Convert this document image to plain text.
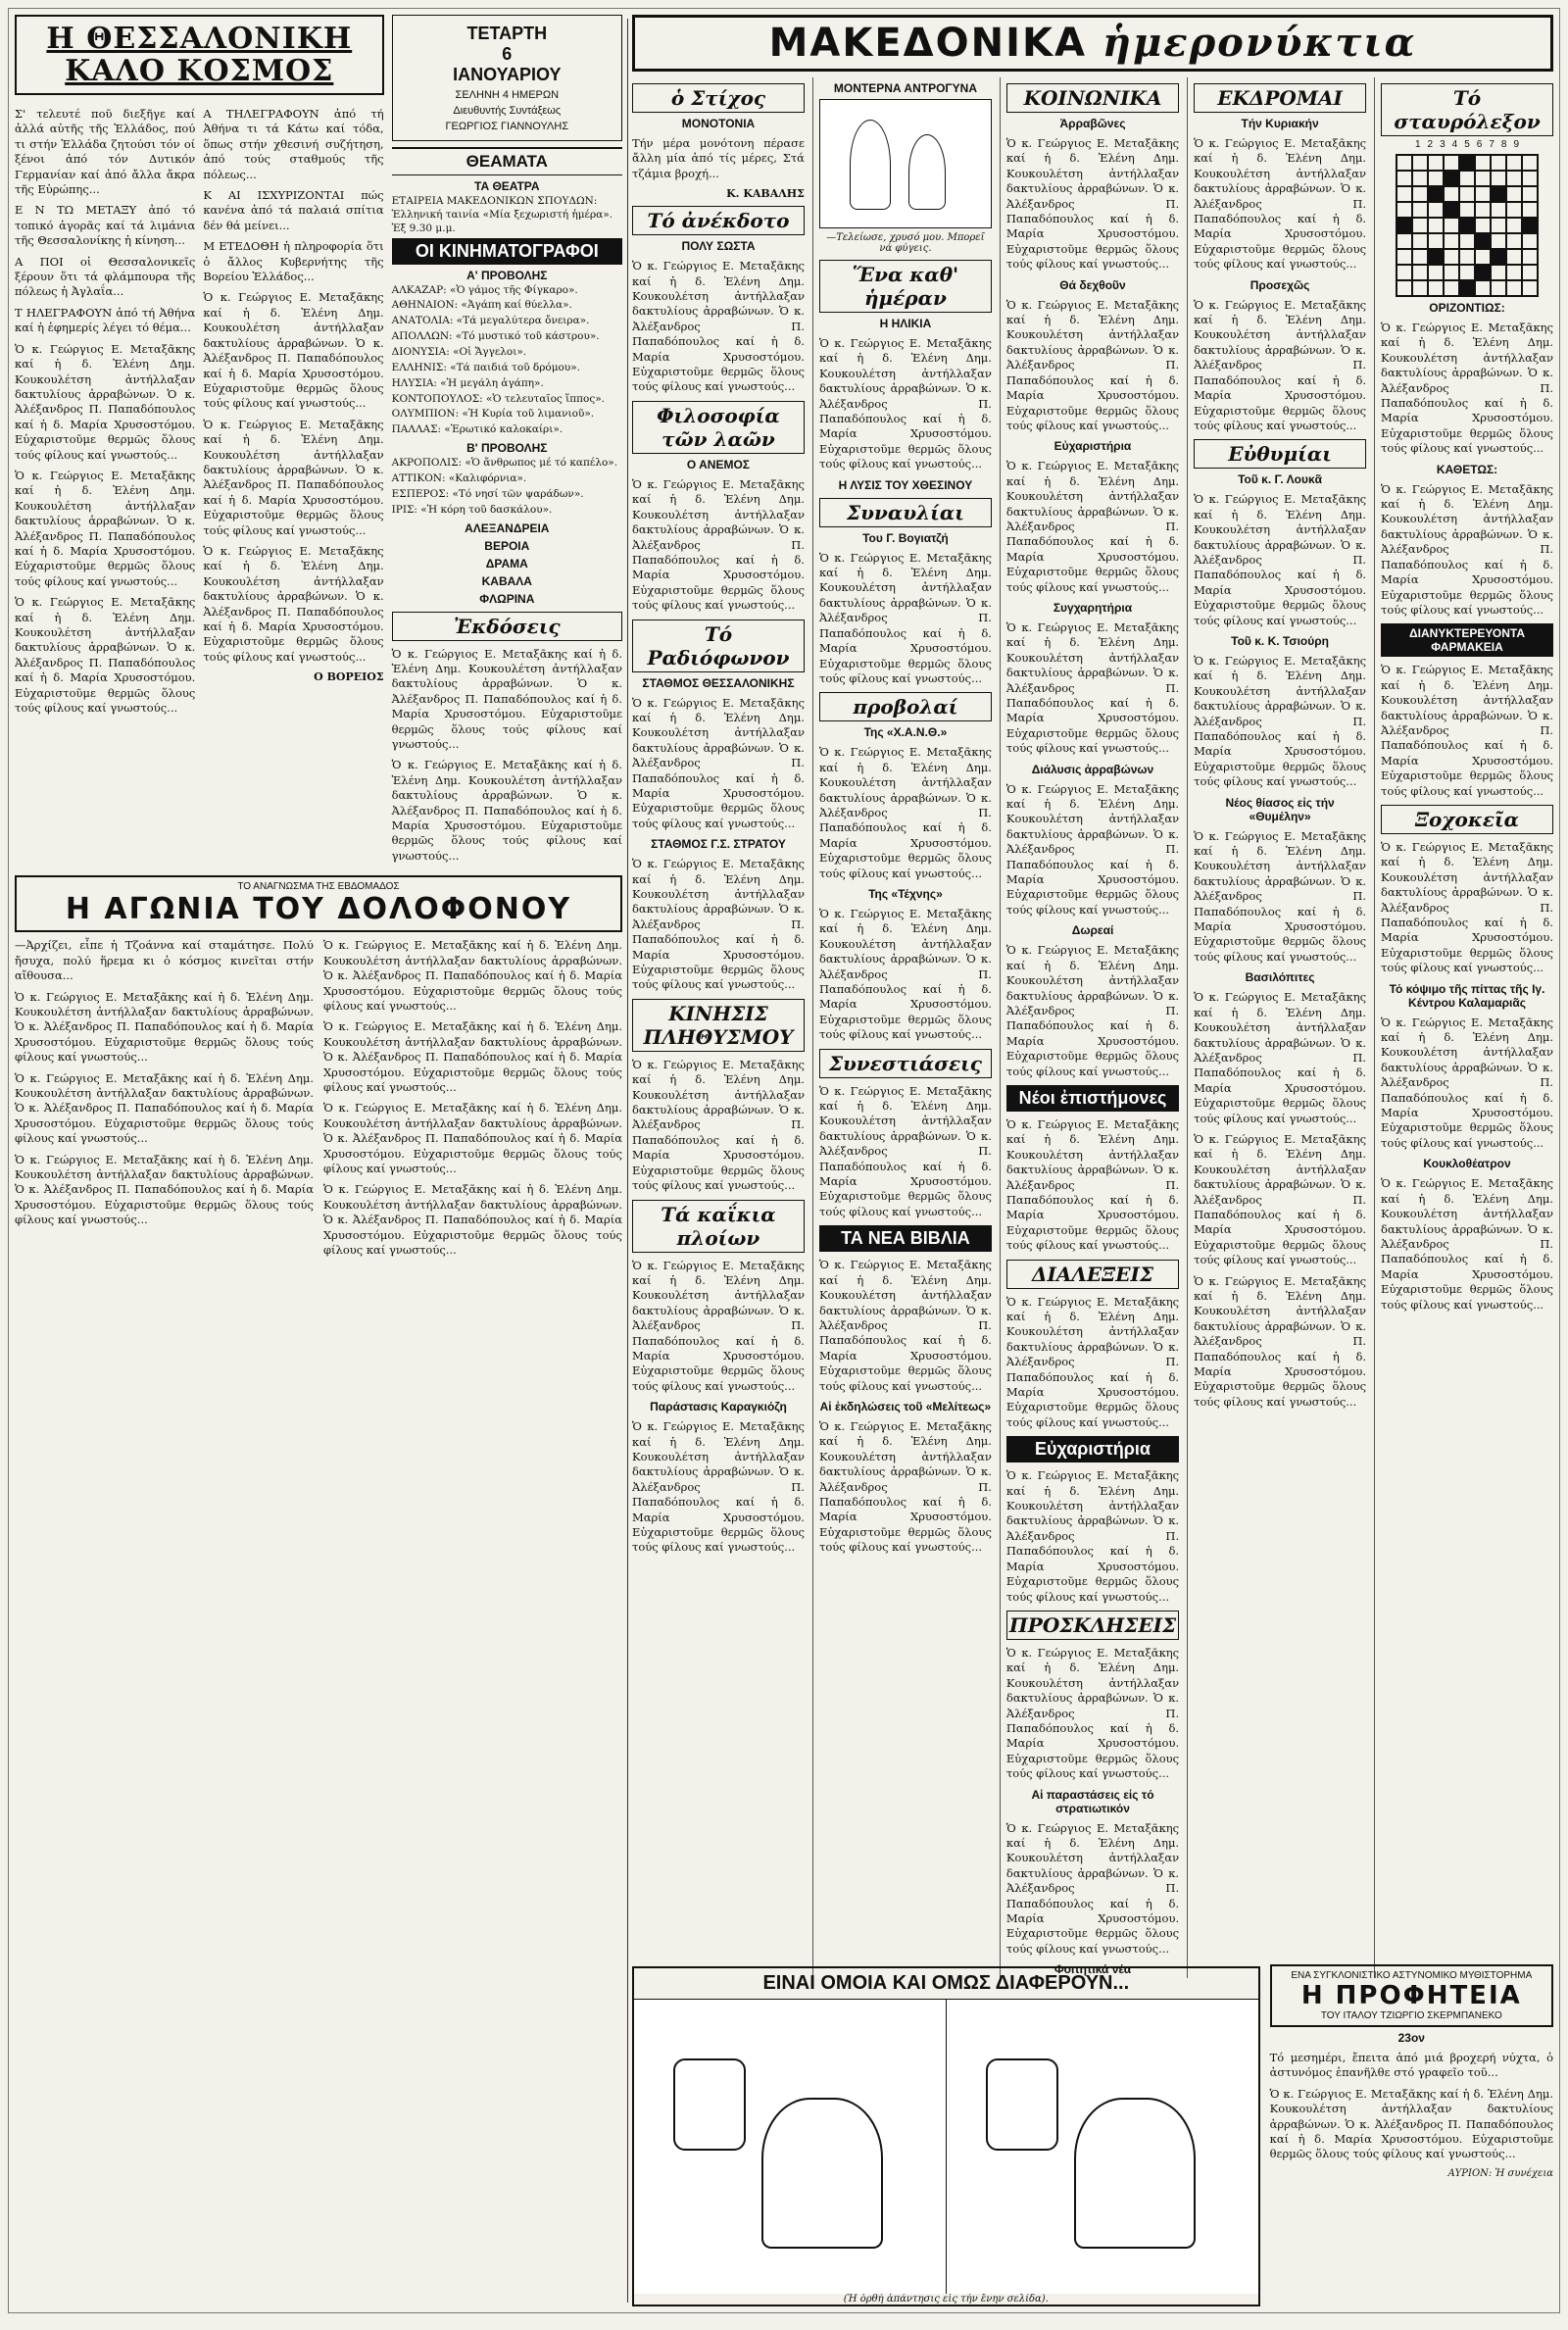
Η ΘΕΣΣΑΛΟΝΙΚΗ ΚΑΛΟ ΚΟΣΜΟΣ

Σ' τελευτέ ποῦ διεξῆγε καί ἀλλά αὐτῆς τῆς Ἑλλάδος, πού τι στήν Ἑλλάδα ζητούσι τόν οί ξένοι ἀπό τόν Δυτικόν Γερμανίαν καί ἀπό ἄλλα ἄκρα τῆς Εὐρώπης...

Ε Ν ΤΩ ΜΕΤΑΞΥ ἀπό τό τοπικό ἀγορᾶς καί τά λιμάνια τῆς Θεσσαλονίκης ἡ κίνηση...

Α ΠΟΙ οἱ Θεσσαλονικεῖς ξέρουν ὅτι τά φλάμπουρα τῆς πόλεως ἡ Ἀγλαΐα...

Τ ΗΛΕΓΡΑΦΟΥΝ ἀπό τή Ἀθήνα καί ἡ ἐφημερίς λέγει τό θέμα...

Ὁ κ. Γεώργιος Ε. Μεταξᾶκης καί ἡ δ. Ἑλένη Δημ. Κουκουλέτση ἀντήλλαξαν δακτυλίους ἀρραβώνων. Ὁ κ. Ἀλέξανδρος Π. Παπαδόπουλος καί ἡ δ. Μαρία Χρυσοστόμου. Εὐχαριστοῦμε θερμῶς ὅλους τούς φίλους καί γνωστούς...

Ὁ κ. Γεώργιος Ε. Μεταξᾶκης καί ἡ δ. Ἑλένη Δημ. Κουκουλέτση ἀντήλλαξαν δακτυλίους ἀρραβώνων. Ὁ κ. Ἀλέξανδρος Π. Παπαδόπουλος καί ἡ δ. Μαρία Χρυσοστόμου. Εὐχαριστοῦμε θερμῶς ὅλους τούς φίλους καί γνωστούς...

Ὁ κ. Γεώργιος Ε. Μεταξᾶκης καί ἡ δ. Ἑλένη Δημ. Κουκουλέτση ἀντήλλαξαν δακτυλίους ἀρραβώνων. Ὁ κ. Ἀλέξανδρος Π. Παπαδόπουλος καί ἡ δ. Μαρία Χρυσοστόμου. Εὐχαριστοῦμε θερμῶς ὅλους τούς φίλους καί γνωστούς...

Α ΤΗΛΕΓΡΑΦΟΥΝ ἀπό τή Ἀθήνα τι τά Κάτω καί τόδα, ὅπως στήν χθεσινή συζήτηση, ἀπό τούς σταθμούς τῆς πόλεως...

Κ ΑΙ ΙΣΧΥΡΙΖΟΝΤΑΙ πώς κανένα ἀπό τά παλαιά σπίτια δέν θά μείνει...

Μ ΕΤΕΔΟΘΗ ἡ πληροφορία ὅτι ὁ ἄλλος Κυβερνήτης τῆς Βορείου Ἑλλάδος...

Ὁ κ. Γεώργιος Ε. Μεταξᾶκης καί ἡ δ. Ἑλένη Δημ. Κουκουλέτση ἀντήλλαξαν δακτυλίους ἀρραβώνων. Ὁ κ. Ἀλέξανδρος Π. Παπαδόπουλος καί ἡ δ. Μαρία Χρυσοστόμου. Εὐχαριστοῦμε θερμῶς ὅλους τούς φίλους καί γνωστούς...

Ὁ κ. Γεώργιος Ε. Μεταξᾶκης καί ἡ δ. Ἑλένη Δημ. Κουκουλέτση ἀντήλλαξαν δακτυλίους ἀρραβώνων. Ὁ κ. Ἀλέξανδρος Π. Παπαδόπουλος καί ἡ δ. Μαρία Χρυσοστόμου. Εὐχαριστοῦμε θερμῶς ὅλους τούς φίλους καί γνωστούς...

Ὁ κ. Γεώργιος Ε. Μεταξᾶκης καί ἡ δ. Ἑλένη Δημ. Κουκουλέτση ἀντήλλαξαν δακτυλίους ἀρραβώνων. Ὁ κ. Ἀλέξανδρος Π. Παπαδόπουλος καί ἡ δ. Μαρία Χρυσοστόμου. Εὐχαριστοῦμε θερμῶς ὅλους τούς φίλους καί γνωστούς...

Ο ΒΟΡΕΙΟΣ
ΤΕΤΑΡΤΗ
6
ΙΑΝΟΥΑΡΙΟΥ
ΣΕΛΗΝΗ 4 ΗΜΕΡΩΝ
Διευθυντής Συντάξεως
ΓΕΩΡΓΙΟΣ ΓΙΑΝΝΟΥΛΗΣ
ΘΕΑΜΑΤΑ
ΤΑ ΘΕΑΤΡΑ

ΕΤΑΙΡΕΙΑ ΜΑΚΕΔΟΝΙΚΩΝ ΣΠΟΥΔΩΝ: Ἑλληνική ταινία «Μία ξεχωριστή ἡμέρα». Ἐξ 9.30 μ.μ.

ΟΙ ΚΙΝΗΜΑΤΟΓΡΑΦΟΙ
Α' ΠΡΟΒΟΛΗΣ

ΑΛΚΑΖΑΡ: «Ὁ γάμος τῆς Φίγκαρο».

ΑΘΗΝΑΙΟΝ: «Ἀγάπη καί θύελλα».

ΑΝΑΤΟΛΙΑ: «Τά μεγαλύτερα ὄνειρα».

ΑΠΟΛΛΩΝ: «Τό μυστικό τοῦ κάστρου».

ΔΙΟΝΥΣΙΑ: «Οἱ Ἄγγελοι».

ΕΛΛΗΝΙΣ: «Τά παιδιά τοῦ δρόμου».

ΗΛΥΣΙΑ: «Ἡ μεγάλη ἀγάπη».

ΚΟΝΤΟΠΟΥΛΟΣ: «Ὁ τελευταῖος ἵππος».

ΟΛΥΜΠΙΟΝ: «Ἡ Κυρία τοῦ λιμανιοῦ».

ΠΑΛΛΑΣ: «Ἐρωτικό καλοκαίρι».

Β' ΠΡΟΒΟΛΗΣ

ΑΚΡΟΠΟΛΙΣ: «Ὁ ἄνθρωπος μέ τό καπέλο».

ΑΤΤΙΚΟΝ: «Καλιφόρνια».

ΕΣΠΕΡΟΣ: «Τό νησί τῶν ψαράδων».

ΙΡΙΣ: «Ἡ κόρη τοῦ δασκάλου».

ΑΛΕΞΑΝΔΡΕΙΑ
ΒΕΡΟΙΑ
ΔΡΑΜΑ
ΚΑΒΑΛΑ
ΦΛΩΡΙΝΑ
Ἐκδόσεις

Ὁ κ. Γεώργιος Ε. Μεταξᾶκης καί ἡ δ. Ἑλένη Δημ. Κουκουλέτση ἀντήλλαξαν δακτυλίους ἀρραβώνων. Ὁ κ. Ἀλέξανδρος Π. Παπαδόπουλος καί ἡ δ. Μαρία Χρυσοστόμου. Εὐχαριστοῦμε θερμῶς ὅλους τούς φίλους καί γνωστούς...

Ὁ κ. Γεώργιος Ε. Μεταξᾶκης καί ἡ δ. Ἑλένη Δημ. Κουκουλέτση ἀντήλλαξαν δακτυλίους ἀρραβώνων. Ὁ κ. Ἀλέξανδρος Π. Παπαδόπουλος καί ἡ δ. Μαρία Χρυσοστόμου. Εὐχαριστοῦμε θερμῶς ὅλους τούς φίλους καί γνωστούς...

ΤΟ ΑΝΑΓΝΩΣΜΑ ΤΗΣ ΕΒΔΟΜΑΔΟΣ
Η ΑΓΩΝΙΑ ΤΟΥ ΔΟΛΟΦΟΝΟΥ

—Ἀρχίζει, εἶπε ἡ Τζοάννα καί σταμάτησε. Πολύ ἤσυχα, πολύ ἥρεμα κι ὁ κόσμος κινεῖται στήν αἴθουσα...

Ὁ κ. Γεώργιος Ε. Μεταξᾶκης καί ἡ δ. Ἑλένη Δημ. Κουκουλέτση ἀντήλλαξαν δακτυλίους ἀρραβώνων. Ὁ κ. Ἀλέξανδρος Π. Παπαδόπουλος καί ἡ δ. Μαρία Χρυσοστόμου. Εὐχαριστοῦμε θερμῶς ὅλους τούς φίλους καί γνωστούς...

Ὁ κ. Γεώργιος Ε. Μεταξᾶκης καί ἡ δ. Ἑλένη Δημ. Κουκουλέτση ἀντήλλαξαν δακτυλίους ἀρραβώνων. Ὁ κ. Ἀλέξανδρος Π. Παπαδόπουλος καί ἡ δ. Μαρία Χρυσοστόμου. Εὐχαριστοῦμε θερμῶς ὅλους τούς φίλους καί γνωστούς...

Ὁ κ. Γεώργιος Ε. Μεταξᾶκης καί ἡ δ. Ἑλένη Δημ. Κουκουλέτση ἀντήλλαξαν δακτυλίους ἀρραβώνων. Ὁ κ. Ἀλέξανδρος Π. Παπαδόπουλος καί ἡ δ. Μαρία Χρυσοστόμου. Εὐχαριστοῦμε θερμῶς ὅλους τούς φίλους καί γνωστούς...

Ὁ κ. Γεώργιος Ε. Μεταξᾶκης καί ἡ δ. Ἑλένη Δημ. Κουκουλέτση ἀντήλλαξαν δακτυλίους ἀρραβώνων. Ὁ κ. Ἀλέξανδρος Π. Παπαδόπουλος καί ἡ δ. Μαρία Χρυσοστόμου. Εὐχαριστοῦμε θερμῶς ὅλους τούς φίλους καί γνωστούς...

Ὁ κ. Γεώργιος Ε. Μεταξᾶκης καί ἡ δ. Ἑλένη Δημ. Κουκουλέτση ἀντήλλαξαν δακτυλίους ἀρραβώνων. Ὁ κ. Ἀλέξανδρος Π. Παπαδόπουλος καί ἡ δ. Μαρία Χρυσοστόμου. Εὐχαριστοῦμε θερμῶς ὅλους τούς φίλους καί γνωστούς...

Ὁ κ. Γεώργιος Ε. Μεταξᾶκης καί ἡ δ. Ἑλένη Δημ. Κουκουλέτση ἀντήλλαξαν δακτυλίους ἀρραβώνων. Ὁ κ. Ἀλέξανδρος Π. Παπαδόπουλος καί ἡ δ. Μαρία Χρυσοστόμου. Εὐχαριστοῦμε θερμῶς ὅλους τούς φίλους καί γνωστούς...

Ὁ κ. Γεώργιος Ε. Μεταξᾶκης καί ἡ δ. Ἑλένη Δημ. Κουκουλέτση ἀντήλλαξαν δακτυλίους ἀρραβώνων. Ὁ κ. Ἀλέξανδρος Π. Παπαδόπουλος καί ἡ δ. Μαρία Χρυσοστόμου. Εὐχαριστοῦμε θερμῶς ὅλους τούς φίλους καί γνωστούς...

ΜΑΚΕΔΟΝΙΚΑ ἡμερονύκτια
ὁ Στίχος
ΜΟΝΟΤΟΝΙΑ

Τήν μέρα μονότονη πέρασε ἄλλη μία ἀπό τίς μέρες, Στά τζάμια βροχή...

Κ. ΚΑΒΑΛΗΣ
Τό ἀνέκδοτο
ΠΟΛΥ ΣΩΣΤΑ

Ὁ κ. Γεώργιος Ε. Μεταξᾶκης καί ἡ δ. Ἑλένη Δημ. Κουκουλέτση ἀντήλλαξαν δακτυλίους ἀρραβώνων. Ὁ κ. Ἀλέξανδρος Π. Παπαδόπουλος καί ἡ δ. Μαρία Χρυσοστόμου. Εὐχαριστοῦμε θερμῶς ὅλους τούς φίλους καί γνωστούς...

Φιλοσοφία τῶν λαῶν
Ο ΑΝΕΜΟΣ

Ὁ κ. Γεώργιος Ε. Μεταξᾶκης καί ἡ δ. Ἑλένη Δημ. Κουκουλέτση ἀντήλλαξαν δακτυλίους ἀρραβώνων. Ὁ κ. Ἀλέξανδρος Π. Παπαδόπουλος καί ἡ δ. Μαρία Χρυσοστόμου. Εὐχαριστοῦμε θερμῶς ὅλους τούς φίλους καί γνωστούς...

Τό Ραδιόφωνον
ΣΤΑΘΜΟΣ ΘΕΣΣΑΛΟΝΙΚΗΣ

Ὁ κ. Γεώργιος Ε. Μεταξᾶκης καί ἡ δ. Ἑλένη Δημ. Κουκουλέτση ἀντήλλαξαν δακτυλίους ἀρραβώνων. Ὁ κ. Ἀλέξανδρος Π. Παπαδόπουλος καί ἡ δ. Μαρία Χρυσοστόμου. Εὐχαριστοῦμε θερμῶς ὅλους τούς φίλους καί γνωστούς...

ΣΤΑΘΜΟΣ Γ.Σ. ΣΤΡΑΤΟΥ

Ὁ κ. Γεώργιος Ε. Μεταξᾶκης καί ἡ δ. Ἑλένη Δημ. Κουκουλέτση ἀντήλλαξαν δακτυλίους ἀρραβώνων. Ὁ κ. Ἀλέξανδρος Π. Παπαδόπουλος καί ἡ δ. Μαρία Χρυσοστόμου. Εὐχαριστοῦμε θερμῶς ὅλους τούς φίλους καί γνωστούς...

ΚΙΝΗΣΙΣ ΠΛΗΘΥΣΜΟΥ

Ὁ κ. Γεώργιος Ε. Μεταξᾶκης καί ἡ δ. Ἑλένη Δημ. Κουκουλέτση ἀντήλλαξαν δακτυλίους ἀρραβώνων. Ὁ κ. Ἀλέξανδρος Π. Παπαδόπουλος καί ἡ δ. Μαρία Χρυσοστόμου. Εὐχαριστοῦμε θερμῶς ὅλους τούς φίλους καί γνωστούς...

Τά καΐκια πλοίων

Ὁ κ. Γεώργιος Ε. Μεταξᾶκης καί ἡ δ. Ἑλένη Δημ. Κουκουλέτση ἀντήλλαξαν δακτυλίους ἀρραβώνων. Ὁ κ. Ἀλέξανδρος Π. Παπαδόπουλος καί ἡ δ. Μαρία Χρυσοστόμου. Εὐχαριστοῦμε θερμῶς ὅλους τούς φίλους καί γνωστούς...

Παράστασις Καραγκιόζη

Ὁ κ. Γεώργιος Ε. Μεταξᾶκης καί ἡ δ. Ἑλένη Δημ. Κουκουλέτση ἀντήλλαξαν δακτυλίους ἀρραβώνων. Ὁ κ. Ἀλέξανδρος Π. Παπαδόπουλος καί ἡ δ. Μαρία Χρυσοστόμου. Εὐχαριστοῦμε θερμῶς ὅλους τούς φίλους καί γνωστούς...

ΜΟΝΤΕΡΝΑ ΑΝΤΡΟΓΥΝΑ
—Τελείωσε, χρυσό μου. Μπορεῖ νά φύγεις.
Ἕνα καθ' ἡμέραν
Η ΗΛΙΚΙΑ

Ὁ κ. Γεώργιος Ε. Μεταξᾶκης καί ἡ δ. Ἑλένη Δημ. Κουκουλέτση ἀντήλλαξαν δακτυλίους ἀρραβώνων. Ὁ κ. Ἀλέξανδρος Π. Παπαδόπουλος καί ἡ δ. Μαρία Χρυσοστόμου. Εὐχαριστοῦμε θερμῶς ὅλους τούς φίλους καί γνωστούς...

Η ΛΥΣΙΣ ΤΟΥ ΧΘΕΣΙΝΟΥ
Συναυλίαι
Του Γ. Βογιατζή

Ὁ κ. Γεώργιος Ε. Μεταξᾶκης καί ἡ δ. Ἑλένη Δημ. Κουκουλέτση ἀντήλλαξαν δακτυλίους ἀρραβώνων. Ὁ κ. Ἀλέξανδρος Π. Παπαδόπουλος καί ἡ δ. Μαρία Χρυσοστόμου. Εὐχαριστοῦμε θερμῶς ὅλους τούς φίλους καί γνωστούς...

προβολαί
Της «Χ.Α.Ν.Θ.»

Ὁ κ. Γεώργιος Ε. Μεταξᾶκης καί ἡ δ. Ἑλένη Δημ. Κουκουλέτση ἀντήλλαξαν δακτυλίους ἀρραβώνων. Ὁ κ. Ἀλέξανδρος Π. Παπαδόπουλος καί ἡ δ. Μαρία Χρυσοστόμου. Εὐχαριστοῦμε θερμῶς ὅλους τούς φίλους καί γνωστούς...

Της «Τέχνης»

Ὁ κ. Γεώργιος Ε. Μεταξᾶκης καί ἡ δ. Ἑλένη Δημ. Κουκουλέτση ἀντήλλαξαν δακτυλίους ἀρραβώνων. Ὁ κ. Ἀλέξανδρος Π. Παπαδόπουλος καί ἡ δ. Μαρία Χρυσοστόμου. Εὐχαριστοῦμε θερμῶς ὅλους τούς φίλους καί γνωστούς...

Συνεστιάσεις

Ὁ κ. Γεώργιος Ε. Μεταξᾶκης καί ἡ δ. Ἑλένη Δημ. Κουκουλέτση ἀντήλλαξαν δακτυλίους ἀρραβώνων. Ὁ κ. Ἀλέξανδρος Π. Παπαδόπουλος καί ἡ δ. Μαρία Χρυσοστόμου. Εὐχαριστοῦμε θερμῶς ὅλους τούς φίλους καί γνωστούς...

ΤΑ ΝΕΑ ΒΙΒΛΙΑ

Ὁ κ. Γεώργιος Ε. Μεταξᾶκης καί ἡ δ. Ἑλένη Δημ. Κουκουλέτση ἀντήλλαξαν δακτυλίους ἀρραβώνων. Ὁ κ. Ἀλέξανδρος Π. Παπαδόπουλος καί ἡ δ. Μαρία Χρυσοστόμου. Εὐχαριστοῦμε θερμῶς ὅλους τούς φίλους καί γνωστούς...

Αἱ ἐκδηλώσεις τοῦ «Μελίτεως»

Ὁ κ. Γεώργιος Ε. Μεταξᾶκης καί ἡ δ. Ἑλένη Δημ. Κουκουλέτση ἀντήλλαξαν δακτυλίους ἀρραβώνων. Ὁ κ. Ἀλέξανδρος Π. Παπαδόπουλος καί ἡ δ. Μαρία Χρυσοστόμου. Εὐχαριστοῦμε θερμῶς ὅλους τούς φίλους καί γνωστούς...

ΚΟΙΝΩΝΙΚΑ
Ἀρραβῶνες

Ὁ κ. Γεώργιος Ε. Μεταξᾶκης καί ἡ δ. Ἑλένη Δημ. Κουκουλέτση ἀντήλλαξαν δακτυλίους ἀρραβώνων. Ὁ κ. Ἀλέξανδρος Π. Παπαδόπουλος καί ἡ δ. Μαρία Χρυσοστόμου. Εὐχαριστοῦμε θερμῶς ὅλους τούς φίλους καί γνωστούς...

Θά δεχθοῦν

Ὁ κ. Γεώργιος Ε. Μεταξᾶκης καί ἡ δ. Ἑλένη Δημ. Κουκουλέτση ἀντήλλαξαν δακτυλίους ἀρραβώνων. Ὁ κ. Ἀλέξανδρος Π. Παπαδόπουλος καί ἡ δ. Μαρία Χρυσοστόμου. Εὐχαριστοῦμε θερμῶς ὅλους τούς φίλους καί γνωστούς...

Εὐχαριστήρια

Ὁ κ. Γεώργιος Ε. Μεταξᾶκης καί ἡ δ. Ἑλένη Δημ. Κουκουλέτση ἀντήλλαξαν δακτυλίους ἀρραβώνων. Ὁ κ. Ἀλέξανδρος Π. Παπαδόπουλος καί ἡ δ. Μαρία Χρυσοστόμου. Εὐχαριστοῦμε θερμῶς ὅλους τούς φίλους καί γνωστούς...

Συγχαρητήρια

Ὁ κ. Γεώργιος Ε. Μεταξᾶκης καί ἡ δ. Ἑλένη Δημ. Κουκουλέτση ἀντήλλαξαν δακτυλίους ἀρραβώνων. Ὁ κ. Ἀλέξανδρος Π. Παπαδόπουλος καί ἡ δ. Μαρία Χρυσοστόμου. Εὐχαριστοῦμε θερμῶς ὅλους τούς φίλους καί γνωστούς...

Διάλυσις ἀρραβώνων

Ὁ κ. Γεώργιος Ε. Μεταξᾶκης καί ἡ δ. Ἑλένη Δημ. Κουκουλέτση ἀντήλλαξαν δακτυλίους ἀρραβώνων. Ὁ κ. Ἀλέξανδρος Π. Παπαδόπουλος καί ἡ δ. Μαρία Χρυσοστόμου. Εὐχαριστοῦμε θερμῶς ὅλους τούς φίλους καί γνωστούς...

Δωρεαί

Ὁ κ. Γεώργιος Ε. Μεταξᾶκης καί ἡ δ. Ἑλένη Δημ. Κουκουλέτση ἀντήλλαξαν δακτυλίους ἀρραβώνων. Ὁ κ. Ἀλέξανδρος Π. Παπαδόπουλος καί ἡ δ. Μαρία Χρυσοστόμου. Εὐχαριστοῦμε θερμῶς ὅλους τούς φίλους καί γνωστούς...

Νέοι ἐπιστήμονες

Ὁ κ. Γεώργιος Ε. Μεταξᾶκης καί ἡ δ. Ἑλένη Δημ. Κουκουλέτση ἀντήλλαξαν δακτυλίους ἀρραβώνων. Ὁ κ. Ἀλέξανδρος Π. Παπαδόπουλος καί ἡ δ. Μαρία Χρυσοστόμου. Εὐχαριστοῦμε θερμῶς ὅλους τούς φίλους καί γνωστούς...

ΔΙΑΛΕΞΕΙΣ

Ὁ κ. Γεώργιος Ε. Μεταξᾶκης καί ἡ δ. Ἑλένη Δημ. Κουκουλέτση ἀντήλλαξαν δακτυλίους ἀρραβώνων. Ὁ κ. Ἀλέξανδρος Π. Παπαδόπουλος καί ἡ δ. Μαρία Χρυσοστόμου. Εὐχαριστοῦμε θερμῶς ὅλους τούς φίλους καί γνωστούς...

Εὐχαριστήρια

Ὁ κ. Γεώργιος Ε. Μεταξᾶκης καί ἡ δ. Ἑλένη Δημ. Κουκουλέτση ἀντήλλαξαν δακτυλίους ἀρραβώνων. Ὁ κ. Ἀλέξανδρος Π. Παπαδόπουλος καί ἡ δ. Μαρία Χρυσοστόμου. Εὐχαριστοῦμε θερμῶς ὅλους τούς φίλους καί γνωστούς...

ΠΡΟΣΚΛΗΣΕΙΣ

Ὁ κ. Γεώργιος Ε. Μεταξᾶκης καί ἡ δ. Ἑλένη Δημ. Κουκουλέτση ἀντήλλαξαν δακτυλίους ἀρραβώνων. Ὁ κ. Ἀλέξανδρος Π. Παπαδόπουλος καί ἡ δ. Μαρία Χρυσοστόμου. Εὐχαριστοῦμε θερμῶς ὅλους τούς φίλους καί γνωστούς...

Αἱ παραστάσεις εἰς τό στρατιωτικόν

Ὁ κ. Γεώργιος Ε. Μεταξᾶκης καί ἡ δ. Ἑλένη Δημ. Κουκουλέτση ἀντήλλαξαν δακτυλίους ἀρραβώνων. Ὁ κ. Ἀλέξανδρος Π. Παπαδόπουλος καί ἡ δ. Μαρία Χρυσοστόμου. Εὐχαριστοῦμε θερμῶς ὅλους τούς φίλους καί γνωστούς...

Φοιτητικά νέα
ΕΚΔΡΟΜΑΙ
Τήν Κυριακήν

Ὁ κ. Γεώργιος Ε. Μεταξᾶκης καί ἡ δ. Ἑλένη Δημ. Κουκουλέτση ἀντήλλαξαν δακτυλίους ἀρραβώνων. Ὁ κ. Ἀλέξανδρος Π. Παπαδόπουλος καί ἡ δ. Μαρία Χρυσοστόμου. Εὐχαριστοῦμε θερμῶς ὅλους τούς φίλους καί γνωστούς...

Προσεχῶς

Ὁ κ. Γεώργιος Ε. Μεταξᾶκης καί ἡ δ. Ἑλένη Δημ. Κουκουλέτση ἀντήλλαξαν δακτυλίους ἀρραβώνων. Ὁ κ. Ἀλέξανδρος Π. Παπαδόπουλος καί ἡ δ. Μαρία Χρυσοστόμου. Εὐχαριστοῦμε θερμῶς ὅλους τούς φίλους καί γνωστούς...

Εὐθυμίαι
Τοῦ κ. Γ. Λουκᾶ

Ὁ κ. Γεώργιος Ε. Μεταξᾶκης καί ἡ δ. Ἑλένη Δημ. Κουκουλέτση ἀντήλλαξαν δακτυλίους ἀρραβώνων. Ὁ κ. Ἀλέξανδρος Π. Παπαδόπουλος καί ἡ δ. Μαρία Χρυσοστόμου. Εὐχαριστοῦμε θερμῶς ὅλους τούς φίλους καί γνωστούς...

Τοῦ κ. Κ. Τσιούρη

Ὁ κ. Γεώργιος Ε. Μεταξᾶκης καί ἡ δ. Ἑλένη Δημ. Κουκουλέτση ἀντήλλαξαν δακτυλίους ἀρραβώνων. Ὁ κ. Ἀλέξανδρος Π. Παπαδόπουλος καί ἡ δ. Μαρία Χρυσοστόμου. Εὐχαριστοῦμε θερμῶς ὅλους τούς φίλους καί γνωστούς...

Νέος θίασος εἰς τήν «Θυμέλην»

Ὁ κ. Γεώργιος Ε. Μεταξᾶκης καί ἡ δ. Ἑλένη Δημ. Κουκουλέτση ἀντήλλαξαν δακτυλίους ἀρραβώνων. Ὁ κ. Ἀλέξανδρος Π. Παπαδόπουλος καί ἡ δ. Μαρία Χρυσοστόμου. Εὐχαριστοῦμε θερμῶς ὅλους τούς φίλους καί γνωστούς...

Βασιλόπιτες

Ὁ κ. Γεώργιος Ε. Μεταξᾶκης καί ἡ δ. Ἑλένη Δημ. Κουκουλέτση ἀντήλλαξαν δακτυλίους ἀρραβώνων. Ὁ κ. Ἀλέξανδρος Π. Παπαδόπουλος καί ἡ δ. Μαρία Χρυσοστόμου. Εὐχαριστοῦμε θερμῶς ὅλους τούς φίλους καί γνωστούς...

Ὁ κ. Γεώργιος Ε. Μεταξᾶκης καί ἡ δ. Ἑλένη Δημ. Κουκουλέτση ἀντήλλαξαν δακτυλίους ἀρραβώνων. Ὁ κ. Ἀλέξανδρος Π. Παπαδόπουλος καί ἡ δ. Μαρία Χρυσοστόμου. Εὐχαριστοῦμε θερμῶς ὅλους τούς φίλους καί γνωστούς...

Ὁ κ. Γεώργιος Ε. Μεταξᾶκης καί ἡ δ. Ἑλένη Δημ. Κουκουλέτση ἀντήλλαξαν δακτυλίους ἀρραβώνων. Ὁ κ. Ἀλέξανδρος Π. Παπαδόπουλος καί ἡ δ. Μαρία Χρυσοστόμου. Εὐχαριστοῦμε θερμῶς ὅλους τούς φίλους καί γνωστούς...

Τό σταυρόλεξον
1 2 3 4 5 6 7 8 9
ΟΡΙΖΟΝΤΙΩΣ:

Ὁ κ. Γεώργιος Ε. Μεταξᾶκης καί ἡ δ. Ἑλένη Δημ. Κουκουλέτση ἀντήλλαξαν δακτυλίους ἀρραβώνων. Ὁ κ. Ἀλέξανδρος Π. Παπαδόπουλος καί ἡ δ. Μαρία Χρυσοστόμου. Εὐχαριστοῦμε θερμῶς ὅλους τούς φίλους καί γνωστούς...

ΚΑΘΕΤΩΣ:

Ὁ κ. Γεώργιος Ε. Μεταξᾶκης καί ἡ δ. Ἑλένη Δημ. Κουκουλέτση ἀντήλλαξαν δακτυλίους ἀρραβώνων. Ὁ κ. Ἀλέξανδρος Π. Παπαδόπουλος καί ἡ δ. Μαρία Χρυσοστόμου. Εὐχαριστοῦμε θερμῶς ὅλους τούς φίλους καί γνωστούς...

ΔΙΑΝΥΚΤΕΡΕΥΟΝΤΑ ΦΑΡΜΑΚΕΙΑ

Ὁ κ. Γεώργιος Ε. Μεταξᾶκης καί ἡ δ. Ἑλένη Δημ. Κουκουλέτση ἀντήλλαξαν δακτυλίους ἀρραβώνων. Ὁ κ. Ἀλέξανδρος Π. Παπαδόπουλος καί ἡ δ. Μαρία Χρυσοστόμου. Εὐχαριστοῦμε θερμῶς ὅλους τούς φίλους καί γνωστούς...

Ξοχοκεῖα

Ὁ κ. Γεώργιος Ε. Μεταξᾶκης καί ἡ δ. Ἑλένη Δημ. Κουκουλέτση ἀντήλλαξαν δακτυλίους ἀρραβώνων. Ὁ κ. Ἀλέξανδρος Π. Παπαδόπουλος καί ἡ δ. Μαρία Χρυσοστόμου. Εὐχαριστοῦμε θερμῶς ὅλους τούς φίλους καί γνωστούς...

Τό κόψιμο τῆς πίττας τῆς Ιγ. Κέντρου Καλαμαριᾶς

Ὁ κ. Γεώργιος Ε. Μεταξᾶκης καί ἡ δ. Ἑλένη Δημ. Κουκουλέτση ἀντήλλαξαν δακτυλίους ἀρραβώνων. Ὁ κ. Ἀλέξανδρος Π. Παπαδόπουλος καί ἡ δ. Μαρία Χρυσοστόμου. Εὐχαριστοῦμε θερμῶς ὅλους τούς φίλους καί γνωστούς...

Κουκλοθέατρον

Ὁ κ. Γεώργιος Ε. Μεταξᾶκης καί ἡ δ. Ἑλένη Δημ. Κουκουλέτση ἀντήλλαξαν δακτυλίους ἀρραβώνων. Ὁ κ. Ἀλέξανδρος Π. Παπαδόπουλος καί ἡ δ. Μαρία Χρυσοστόμου. Εὐχαριστοῦμε θερμῶς ὅλους τούς φίλους καί γνωστούς...

ΕΙΝΑΙ ΟΜΟΙΑ ΚΑΙ ΟΜΩΣ ΔΙΑΦΕΡΟΥΝ...
(Ἡ ὀρθή ἀπάντησις εἰς τήν ἔνην σελίδα).
ΕΝΑ ΣΥΓΚΛΟΝΙΣΤΙΚΟ ΑΣΤΥΝΟΜΙΚΟ ΜΥΘΙΣΤΟΡΗΜΑ
Η ΠΡΟΦΗΤΕΙΑ
ΤΟΥ ΙΤΑΛΟΥ ΤΖΙΩΡΓΙΟ ΣΚΕΡΜΠΑΝΕΚΟ
23ον

Τό μεσημέρι, ἔπειτα ἀπό μιά βροχερή νύχτα, ὁ ἀστυνόμος ἐπανῆλθε στό γραφεῖο τοῦ...

Ὁ κ. Γεώργιος Ε. Μεταξᾶκης καί ἡ δ. Ἑλένη Δημ. Κουκουλέτση ἀντήλλαξαν δακτυλίους ἀρραβώνων. Ὁ κ. Ἀλέξανδρος Π. Παπαδόπουλος καί ἡ δ. Μαρία Χρυσοστόμου. Εὐχαριστοῦμε θερμῶς ὅλους τούς φίλους καί γνωστούς...

ΑΥΡΙΟΝ: Ἡ συνέχεια
